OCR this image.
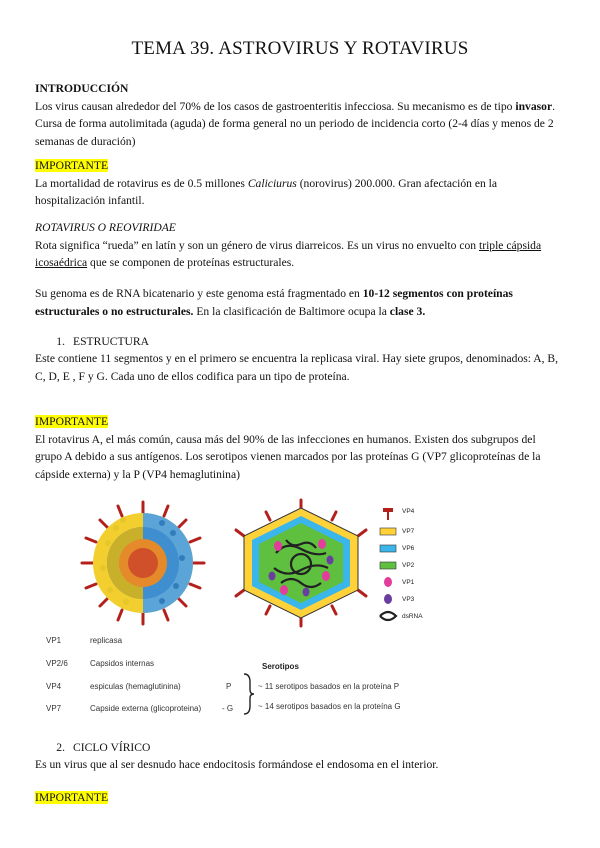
TEMA 39. ASTROVIRUS Y ROTAVIRUS

INTRODUCCIÓN
Los virus causan alrededor del 70% de los casos de gastroenteritis infecciosa. Su mecanismo es de tipo invasor. Cursa de forma autolimitada (aguda) de forma general no un periodo de incidencia corto (2-4 días y menos de 2 semanas de duración)

IMPORTANTE
La mortalidad de rotavirus es de 0.5 millones Caliciurus (norovirus) 200.000. Gran afectación en la hospitalización infantil.

ROTAVIRUS O REOVIRIDAE
Rota significa “rueda” en latín y son un género de virus diarreicos. Es un virus no envuelto con triple cápsida icosaédrica que se componen de proteínas estructurales.

Su genoma es de RNA bicatenario y este genoma está fragmentado en 10-12 segmentos con proteínas estructurales o no estructurales. En la clasificación de Baltimore ocupa la clase 3.

1. ESTRUCTURA

Este contiene 11 segmentos y en el primero se encuentra la replicasa viral. Hay siete grupos, denominados: A, B, C, D, E , F y G. Cada uno de ellos codifica para un tipo de proteína.

IMPORTANTE
El rotavirus A, el más común, causa más del 90% de las infecciones en humanos. Existen dos subgrupos del grupo A debido a sus antígenos. Los serotipos vienen marcados por las proteínas G (VP7 glicoproteínas de la cápside externa) y la P (VP4 hemaglutinina)

VP4
VP7
VP6
VP2
VP1
VP3
dsRNA
VP1	replicasa
VP2/6	Capsidos internas
VP4	espiculas (hemaglutinina)	P
VP7	Capside externa (glicoproteina)	- G
Serotipos
~ 11 serotipos basados en la proteína P
~ 14 serotipos basados en la proteína G

2. CICLO VÍRICO

Es un virus que al ser desnudo hace endocitosis formándose el endosoma en el interior.

IMPORTANTE
